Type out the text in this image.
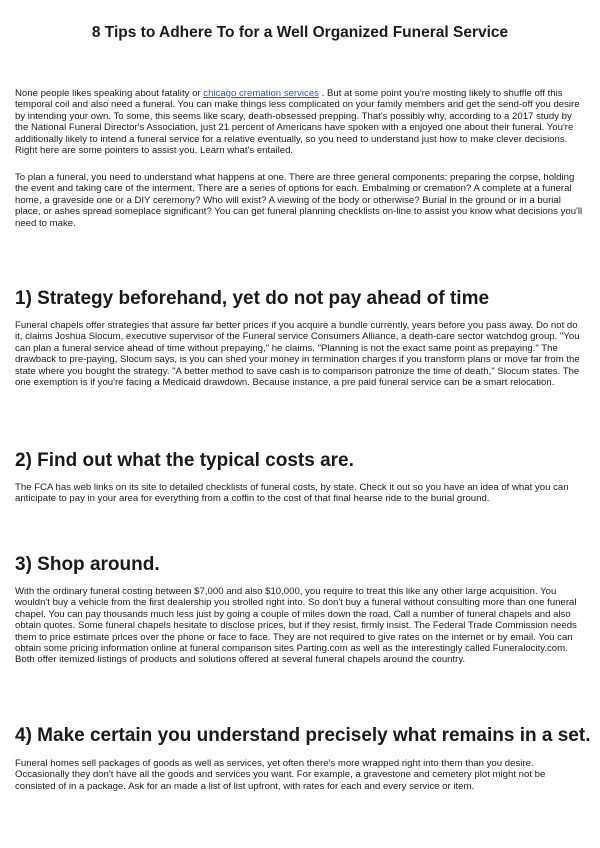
8 Tips to Adhere To for a Well Organized Funeral Service

None people likes speaking about fatality or chicago cremation services . But at some point you're mosting likely to shuffle off this temporal coil and also need a funeral. You can make things less complicated on your family members and get the send-off you desire by intending your own. To some, this seems like scary, death-obsessed prepping. That's possibly why, according to a 2017 study by the National Funeral Director's Association, just 21 percent of Americans have spoken with a enjoyed one about their funeral. You're additionally likely to intend a funeral service for a relative eventually, so you need to understand just how to make clever decisions. Right here are some pointers to assist you. Learn what's entailed.

To plan a funeral, you need to understand what happens at one. There are three general components: preparing the corpse, holding the event and taking care of the interment. There are a series of options for each. Embalming or cremation? A complete at a funeral home, a graveside one or a DIY ceremony? Who will exist? A viewing of the body or otherwise? Burial in the ground or in a burial place, or ashes spread someplace significant? You can get funeral planning checklists on-line to assist you know what decisions you'll need to make.

1) Strategy beforehand, yet do not pay ahead of time

Funeral chapels offer strategies that assure far better prices if you acquire a bundle currently, years before you pass away. Do not do it, claims Joshua Slocum, executive supervisor of the Funeral service Consumers Alliance, a death-care sector watchdog group. "You can plan a funeral service ahead of time without prepaying," he claims. "Planning is not the exact same point as prepaying." The drawback to pre-paying, Slocum says, is you can shed your money in termination charges if you transform plans or move far from the state where you bought the strategy. "A better method to save cash is to comparison patronize the time of death," Slocum states. The one exemption is if you're facing a Medicaid drawdown. Because instance, a pre paid funeral service can be a smart relocation.

2) Find out what the typical costs are.

The FCA has web links on its site to detailed checklists of funeral costs, by state. Check it out so you have an idea of what you can anticipate to pay in your area for everything from a coffin to the cost of that final hearse ride to the burial ground.

3) Shop around.

With the ordinary funeral costing between $7,000 and also $10,000, you require to treat this like any other large acquisition. You wouldn't buy a vehicle from the first dealership you strolled right into. So don't buy a funeral without consulting more than one funeral chapel. You can pay thousands much less just by going a couple of miles down the road. Call a number of funeral chapels and also obtain quotes. Some funeral chapels hesitate to disclose prices, but if they resist, firmly insist. The Federal Trade Commission needs them to price estimate prices over the phone or face to face. They are not required to give rates on the internet or by email. You can obtain some pricing information online at funeral comparison sites Parting.com as well as the interestingly called Funeralocity.com. Both offer itemized listings of products and solutions offered at several funeral chapels around the country.

4) Make certain you understand precisely what remains in a set.

Funeral homes sell packages of goods as well as services, yet often there's more wrapped right into them than you desire. Occasionally they don't have all the goods and services you want. For example, a gravestone and cemetery plot might not be consisted of in a package. Ask for an made a list of list upfront, with rates for each and every service or item.
